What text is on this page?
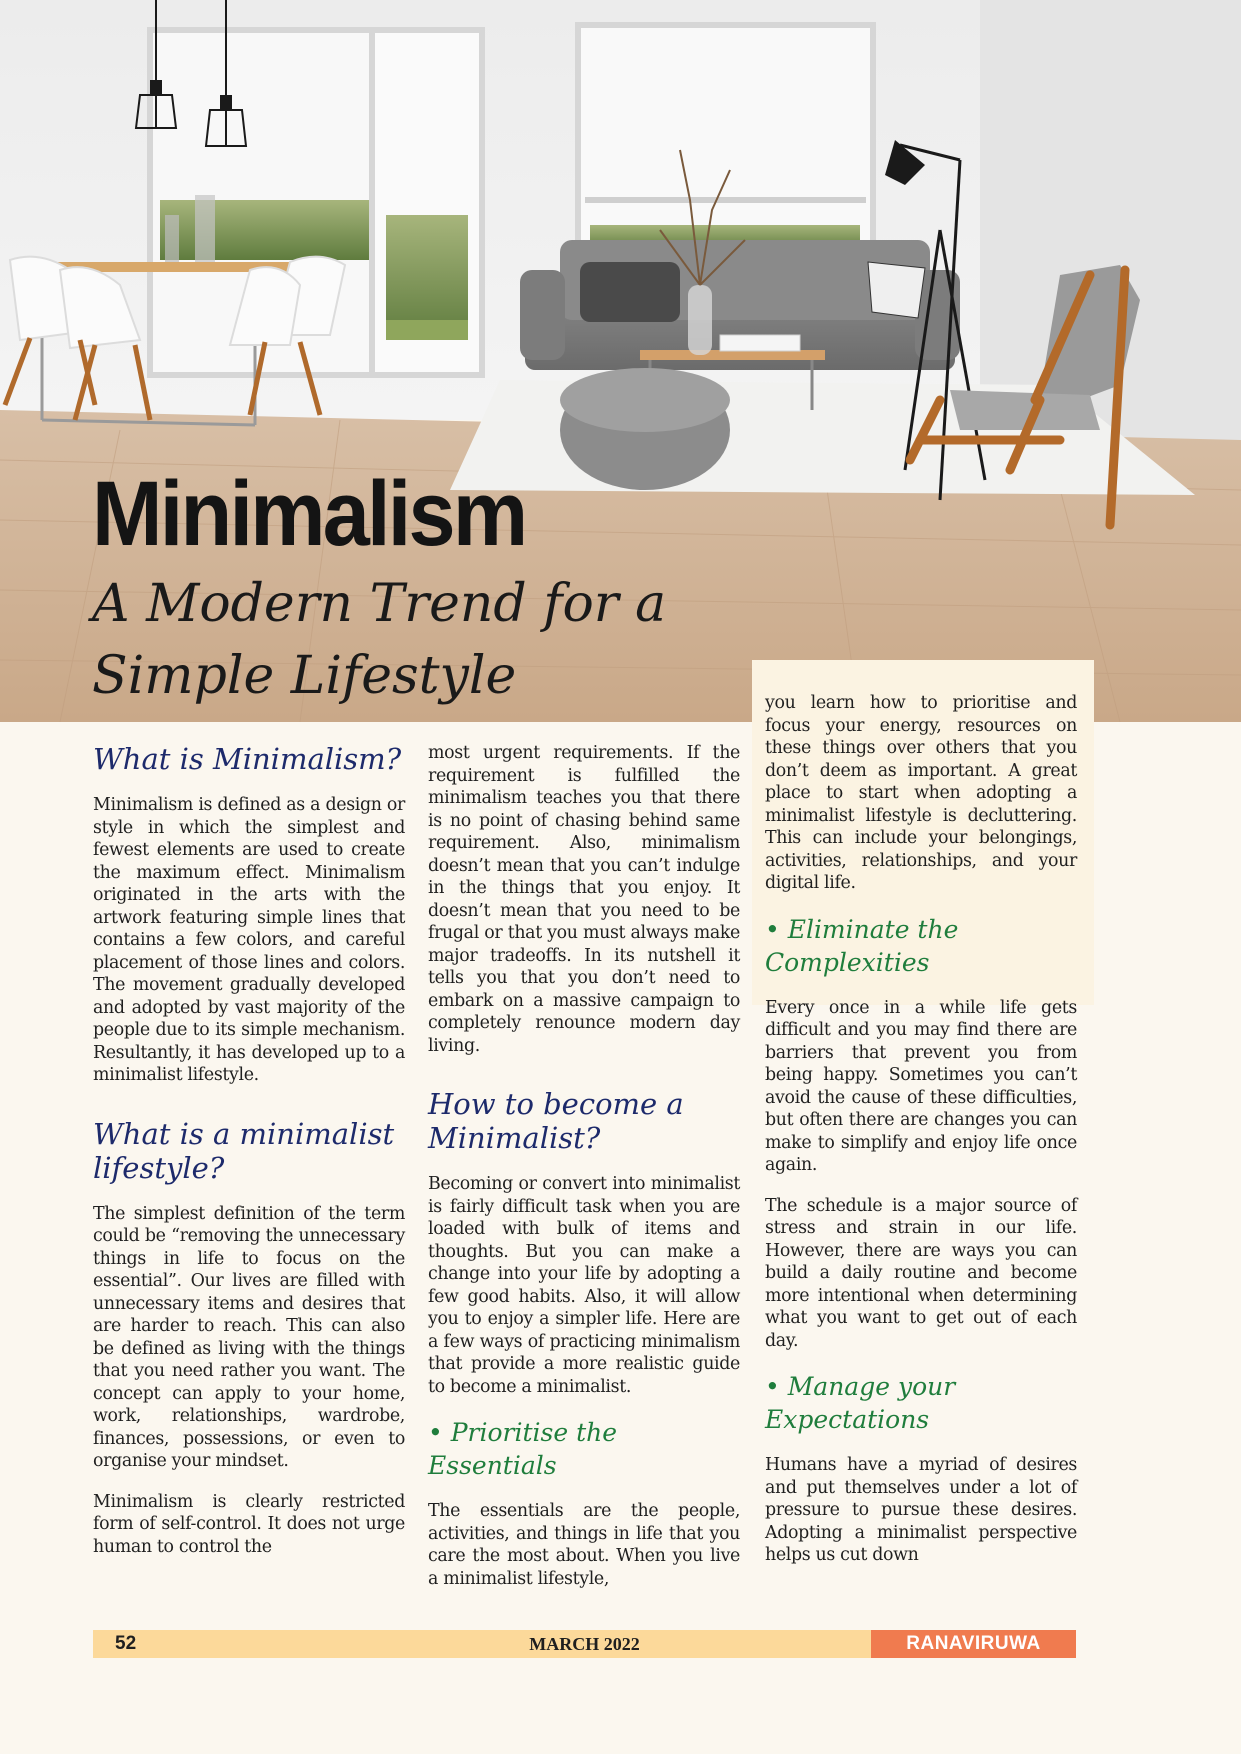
Minimalism
A Modern Trend for a
Simple Lifestyle
What is Minimalism?

Minimalism is defined as a design or style in which the simplest and fewest elements are used to create the maximum effect. Minimalism originated in the arts with the artwork featuring simple lines that contains a few colors, and careful placement of those lines and colors. The movement gradually developed and adopted by vast majority of the people due to its simple mechanism. Resultantly, it has developed up to a minimalist lifestyle.

What is a minimalist lifestyle?

The simplest definition of the term could be “removing the unnecessary things in life to focus on the essential”. Our lives are filled with unnecessary items and desires that are harder to reach. This can also be defined as living with the things that you need rather you want. The concept can apply to your home, work, relationships, wardrobe, finances, possessions, or even to organise your mindset.

Minimalism is clearly restricted form of self-control. It does not urge human to control the

most urgent requirements. If the requirement is fulfilled the minimalism teaches you that there is no point of chasing behind same requirement. Also, minimalism doesn’t mean that you can’t indulge in the things that you enjoy. It doesn’t mean that you need to be frugal or that you must always make major tradeoffs. In its nutshell it tells you that you don’t need to embark on a massive campaign to completely renounce modern day living.

How to become a Minimalist?

Becoming or convert into minimalist is fairly difficult task when you are loaded with bulk of items and thoughts. But you can make a change into your life by adopting a few good habits. Also, it will allow you to enjoy a simpler life. Here are a few ways of practicing minimalism that provide a more realistic guide to become a minimalist.

• Prioritise the Essentials

The essentials are the people, activities, and things in life that you care the most about. When you live a minimalist lifestyle,

you learn how to prioritise and focus your energy, resources on these things over others that you don’t deem as important. A great place to start when adopting a minimalist lifestyle is decluttering. This can include your belongings, activities, relationships, and your digital life.

• Eliminate the Complexities

Every once in a while life gets difficult and you may find there are barriers that prevent you from being happy. Sometimes you can’t avoid the cause of these difficulties, but often there are changes you can make to simplify and enjoy life once again.

The schedule is a major source of stress and strain in our life. However, there are ways you can build a daily routine and become more intentional when determining what you want to get out of each day.

• Manage your Expectations

Humans have a myriad of desires and put themselves under a lot of pressure to pursue these desires. Adopting a minimalist perspective helps us cut down

52	MARCH 2022	RANAVIRUWA
